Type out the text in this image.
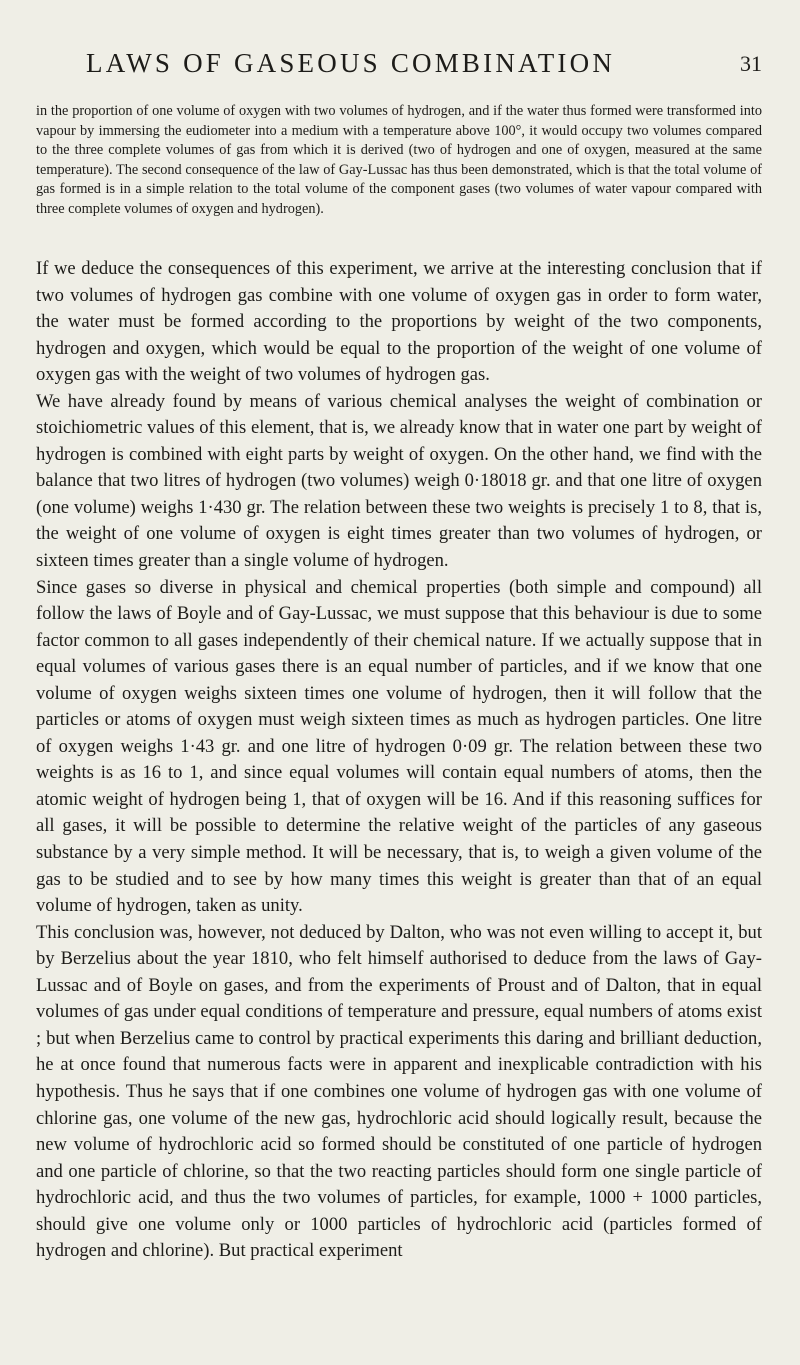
LAWS OF GASEOUS COMBINATION	31

in the proportion of one volume of oxygen with two volumes of hydrogen, and if the water thus formed were transformed into vapour by immersing the eudiometer into a medium with a temperature above 100°, it would occupy two volumes compared to the three complete volumes of gas from which it is derived (two of hydrogen and one of oxygen, measured at the same temperature). The second consequence of the law of Gay-Lussac has thus been demonstrated, which is that the total volume of gas formed is in a simple relation to the total volume of the component gases (two volumes of water vapour compared with three complete volumes of oxygen and hydrogen).

If we deduce the consequences of this experiment, we arrive at the interesting conclusion that if two volumes of hydrogen gas combine with one volume of oxygen gas in order to form water, the water must be formed according to the proportions by weight of the two components, hydrogen and oxygen, which would be equal to the proportion of the weight of one volume of oxygen gas with the weight of two volumes of hydrogen gas.

We have already found by means of various chemical analyses the weight of combination or stoichiometric values of this element, that is, we already know that in water one part by weight of hydrogen is combined with eight parts by weight of oxygen. On the other hand, we find with the balance that two litres of hydrogen (two volumes) weigh 0·18018 gr. and that one litre of oxygen (one volume) weighs 1·430 gr. The relation between these two weights is precisely 1 to 8, that is, the weight of one volume of oxygen is eight times greater than two volumes of hydrogen, or sixteen times greater than a single volume of hydrogen.

Since gases so diverse in physical and chemical properties (both simple and compound) all follow the laws of Boyle and of Gay-Lussac, we must suppose that this behaviour is due to some factor common to all gases independently of their chemical nature. If we actually suppose that in equal volumes of various gases there is an equal number of particles, and if we know that one volume of oxygen weighs sixteen times one volume of hydrogen, then it will follow that the particles or atoms of oxygen must weigh sixteen times as much as hydrogen particles. One litre of oxygen weighs 1·43 gr. and one litre of hydrogen 0·09 gr. The relation between these two weights is as 16 to 1, and since equal volumes will contain equal numbers of atoms, then the atomic weight of hydrogen being 1, that of oxygen will be 16. And if this reasoning suffices for all gases, it will be possible to determine the relative weight of the particles of any gaseous substance by a very simple method. It will be necessary, that is, to weigh a given volume of the gas to be studied and to see by how many times this weight is greater than that of an equal volume of hydrogen, taken as unity.

This conclusion was, however, not deduced by Dalton, who was not even willing to accept it, but by Berzelius about the year 1810, who felt himself authorised to deduce from the laws of Gay-Lussac and of Boyle on gases, and from the experiments of Proust and of Dalton, that in equal volumes of gas under equal conditions of temperature and pressure, equal numbers of atoms exist ; but when Berzelius came to control by practical experiments this daring and brilliant deduction, he at once found that numerous facts were in apparent and inexplicable contradiction with his hypothesis. Thus he says that if one combines one volume of hydrogen gas with one volume of chlorine gas, one volume of the new gas, hydrochloric acid should logically result, because the new volume of hydrochloric acid so formed should be constituted of one particle of hydrogen and one particle of chlorine, so that the two reacting particles should form one single particle of hydrochloric acid, and thus the two volumes of particles, for example, 1000 + 1000 particles, should give one volume only or 1000 particles of hydrochloric acid (particles formed of hydrogen and chlorine). But practical experiment
